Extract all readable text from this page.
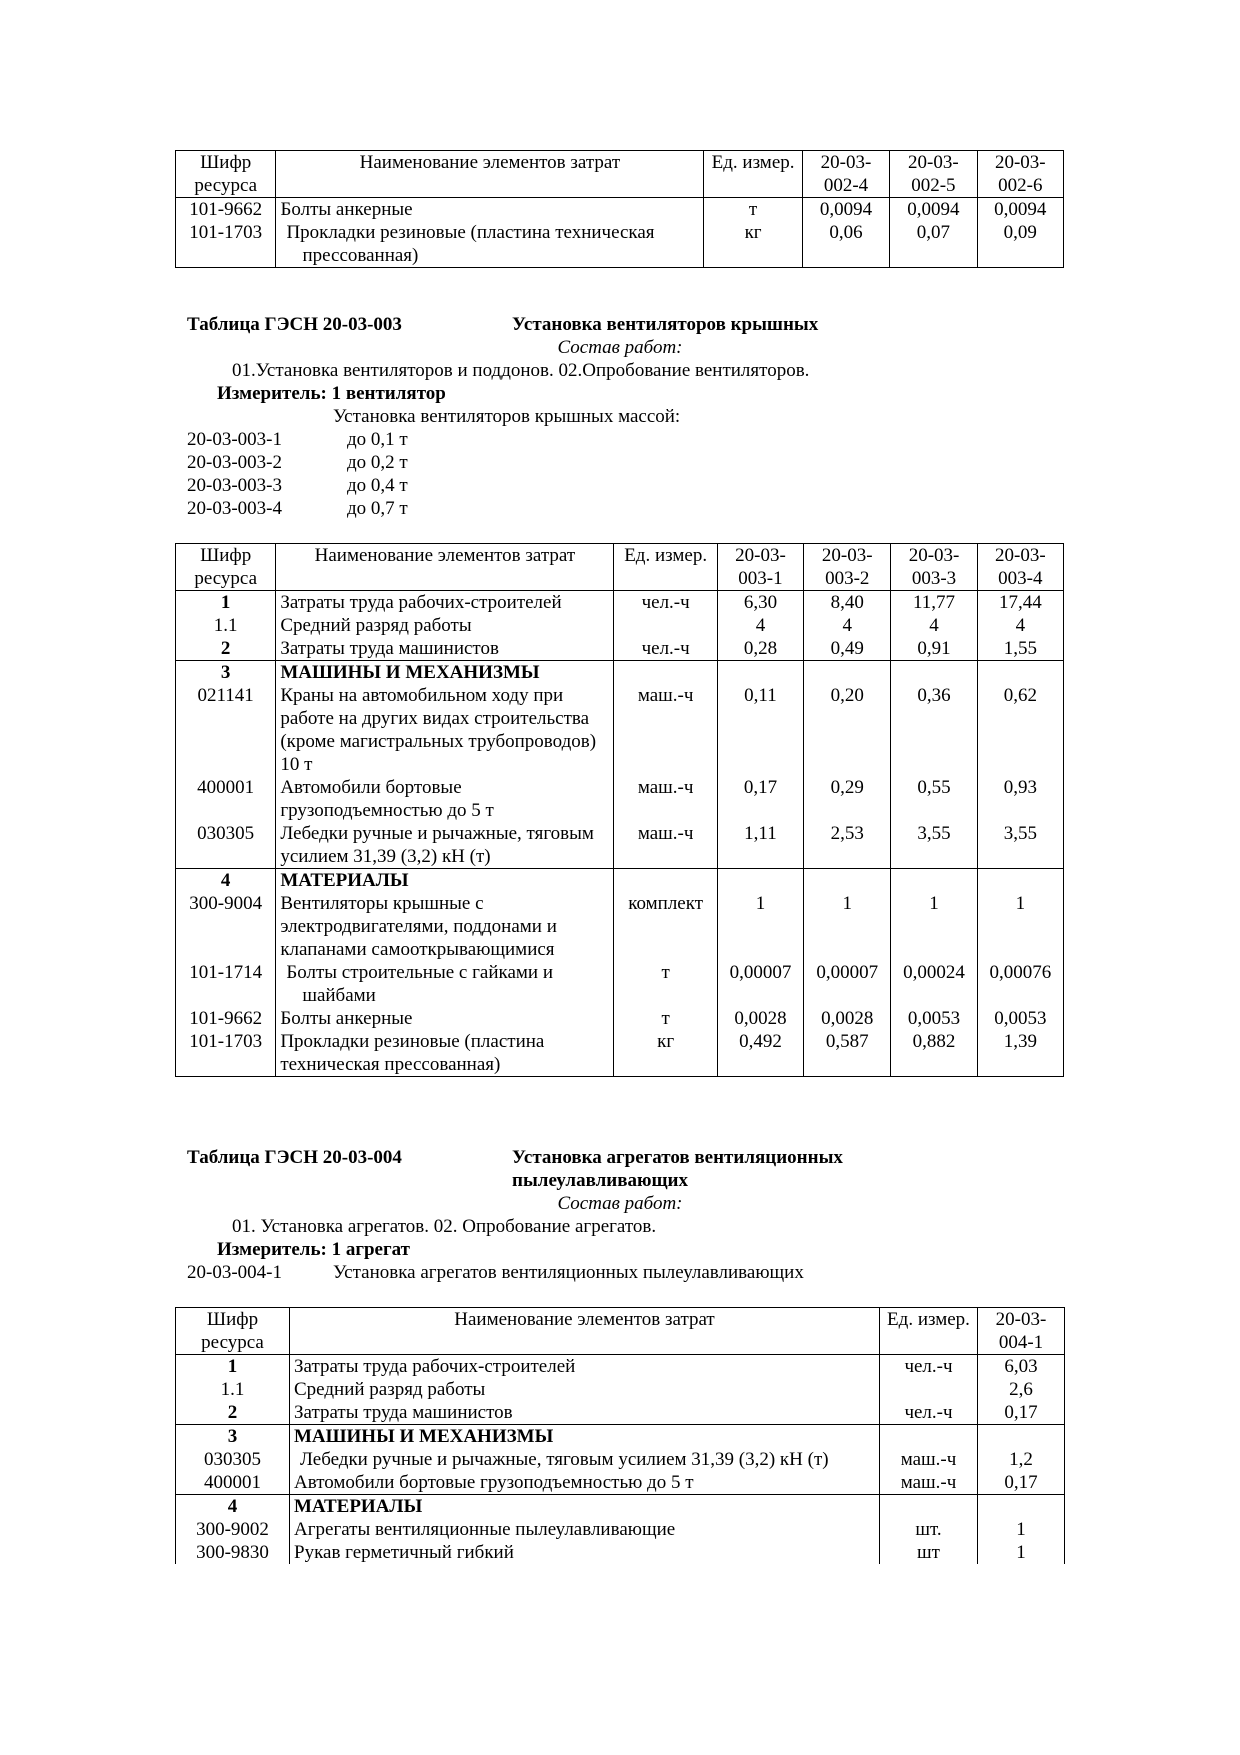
Шифр ресурса	Наименование элементов затрат	Ед. измер.	20-03-002-4	20-03-002-5	20-03-002-6
101-9662	Болты анкерные	т	0,0094	0,0094	0,0094
101-1703	Прокладки резиновые (пластина техническая прессованная)	кг	0,06	0,07	0,09
Таблица ГЭСН 20-03-003	Установка вентиляторов крышных
Состав работ:
01.Установка вентиляторов и поддонов. 02.Опробование вентиляторов.
Измеритель: 1 вентилятор
Установка вентиляторов крышных массой:
20-03-003-1	до 0,1 т
20-03-003-2	до 0,2 т
20-03-003-3	до 0,4 т
20-03-003-4	до 0,7 т
Шифр ресурса	Наименование элементов затрат	Ед. измер.	20-03-003-1	20-03-003-2	20-03-003-3	20-03-003-4
1	Затраты труда рабочих-строителей	чел.-ч	6,30	8,40	11,77	17,44
1.1	Средний разряд работы		4	4	4	4
2	Затраты труда машинистов	чел.-ч	0,28	0,49	0,91	1,55
3	МАШИНЫ И МЕХАНИЗМЫ					
021141	Краны на автомобильном ходу при работе на других видах строительства (кроме магистральных трубопроводов) 10 т	маш.-ч	0,11	0,20	0,36	0,62
400001	Автомобили бортовые грузоподъемностью до 5 т	маш.-ч	0,17	0,29	0,55	0,93
030305	Лебедки ручные и рычажные, тяговым усилием 31,39 (3,2) кН (т)	маш.-ч	1,11	2,53	3,55	3,55
4	МАТЕРИАЛЫ					
300-9004	Вентиляторы крышные с электродвигателями, поддонами и клапанами самооткрывающимися	комплект	1	1	1	1
101-1714	Болты строительные с гайками и шайбами	т	0,00007	0,00007	0,00024	0,00076
101-9662	Болты анкерные	т	0,0028	0,0028	0,0053	0,0053
101-1703	Прокладки резиновые (пластина техническая прессованная)	кг	0,492	0,587	0,882	1,39
Таблица ГЭСН 20-03-004	Установка агрегатов вентиляционных
пылеулавливающих
Состав работ:
01. Установка агрегатов. 02. Опробование агрегатов.
Измеритель: 1 агрегат
20-03-004-1	Установка агрегатов вентиляционных пылеулавливающих
Шифр ресурса	Наименование элементов затрат	Ед. измер.	20-03-004-1
1	Затраты труда рабочих-строителей	чел.-ч	6,03
1.1	Средний разряд работы		2,6
2	Затраты труда машинистов	чел.-ч	0,17
3	МАШИНЫ И МЕХАНИЗМЫ		
030305	Лебедки ручные и рычажные, тяговым усилием 31,39 (3,2) кН (т)	маш.-ч	1,2
400001	Автомобили бортовые грузоподъемностью до 5 т	маш.-ч	0,17
4	МАТЕРИАЛЫ		
300-9002	Агрегаты вентиляционные пылеулавливающие	шт.	1
300-9830	Рукав герметичный гибкий	шт	1
